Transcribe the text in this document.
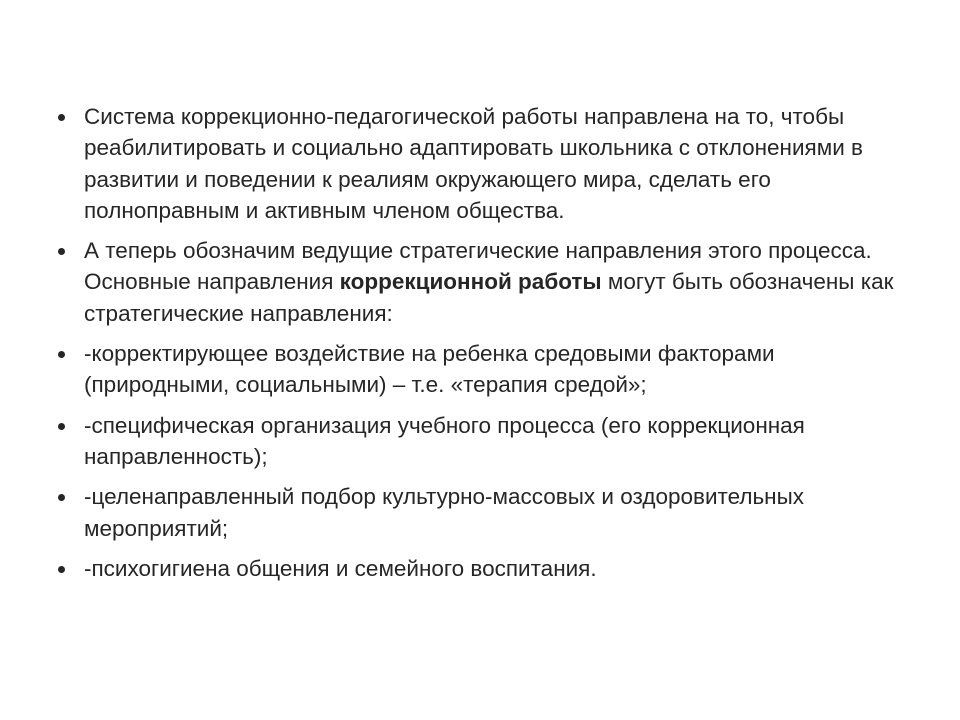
Система коррекционно-педагогической работы направлена на то, чтобы реабилитировать и социально адаптировать школьника с отклонениями в развитии и поведении к реалиям окружающего мира, сделать его полноправным и активным членом общества.
А теперь обозначим ведущие стратегические направления этого процесса. Основные направления коррекционной работы могут быть обозначены как стратегические направления:
-корректирующее воздействие на ребенка средовыми факторами (природными, социальными) – т.е. «терапия средой»;
-специфическая организация учебного процесса (его коррекционная направленность);
-целенаправленный подбор культурно-массовых и оздоровительных мероприятий;
-психогигиена общения и семейного воспитания.
